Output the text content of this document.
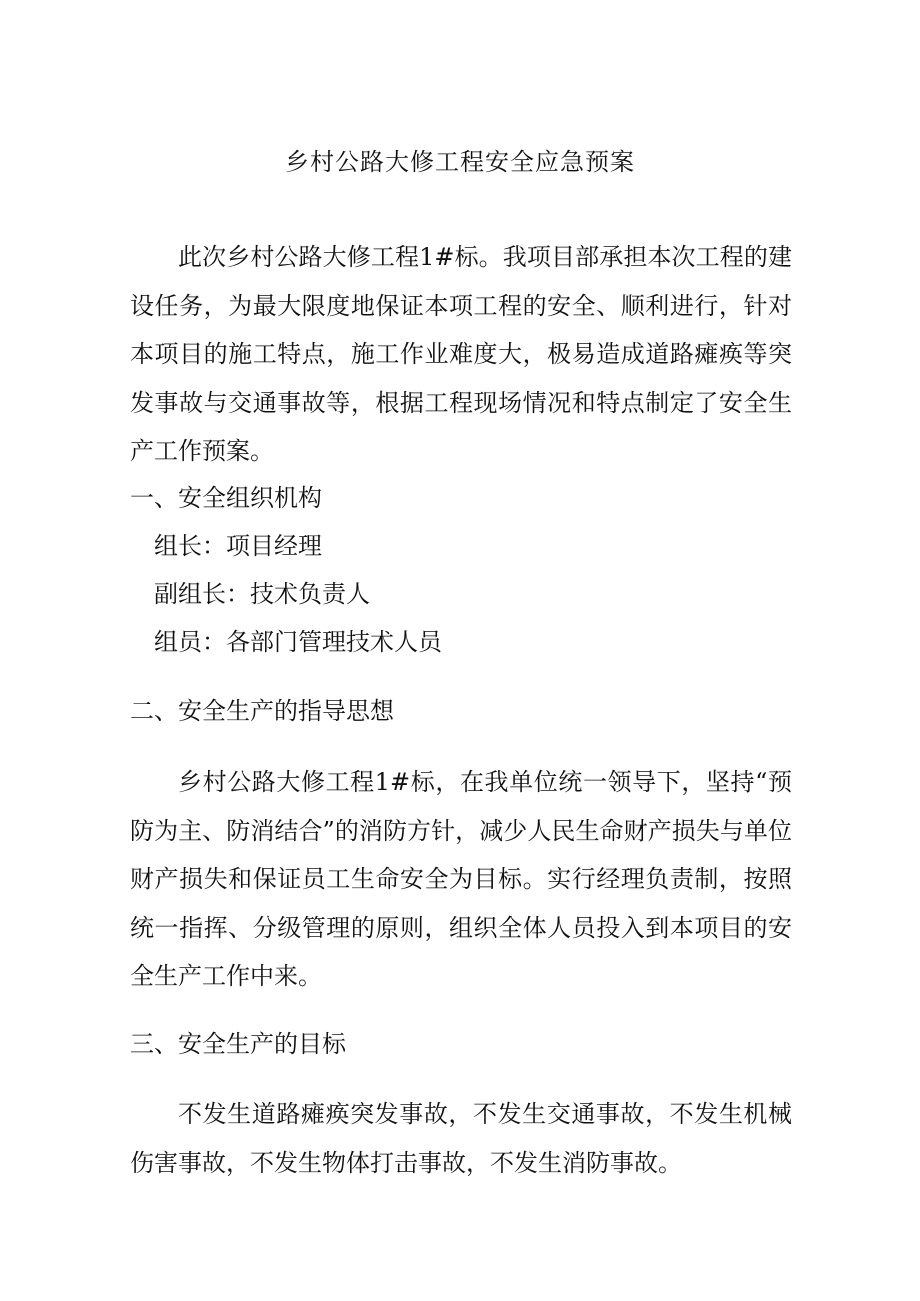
乡村公路大修工程安全应急预案

此次乡村公路大修工程1#标。我项目部承担本次工程的建设任务，为最大限度地保证本项工程的安全、顺利进行，针对本项目的施工特点，施工作业难度大，极易造成道路瘫痪等突发事故与交通事故等，根据工程现场情况和特点制定了安全生产工作预案。

一、安全组织机构

组长：项目经理

副组长：技术负责人

组员：各部门管理技术人员

二、安全生产的指导思想

乡村公路大修工程1#标，在我单位统一领导下，坚持“预防为主、防消结合”的消防方针，减少人民生命财产损失与单位财产损失和保证员工生命安全为目标。实行经理负责制，按照统一指挥、分级管理的原则，组织全体人员投入到本项目的安全生产工作中来。

三、安全生产的目标

不发生道路瘫痪突发事故，不发生交通事故，不发生机械伤害事故，不发生物体打击事故，不发生消防事故。
